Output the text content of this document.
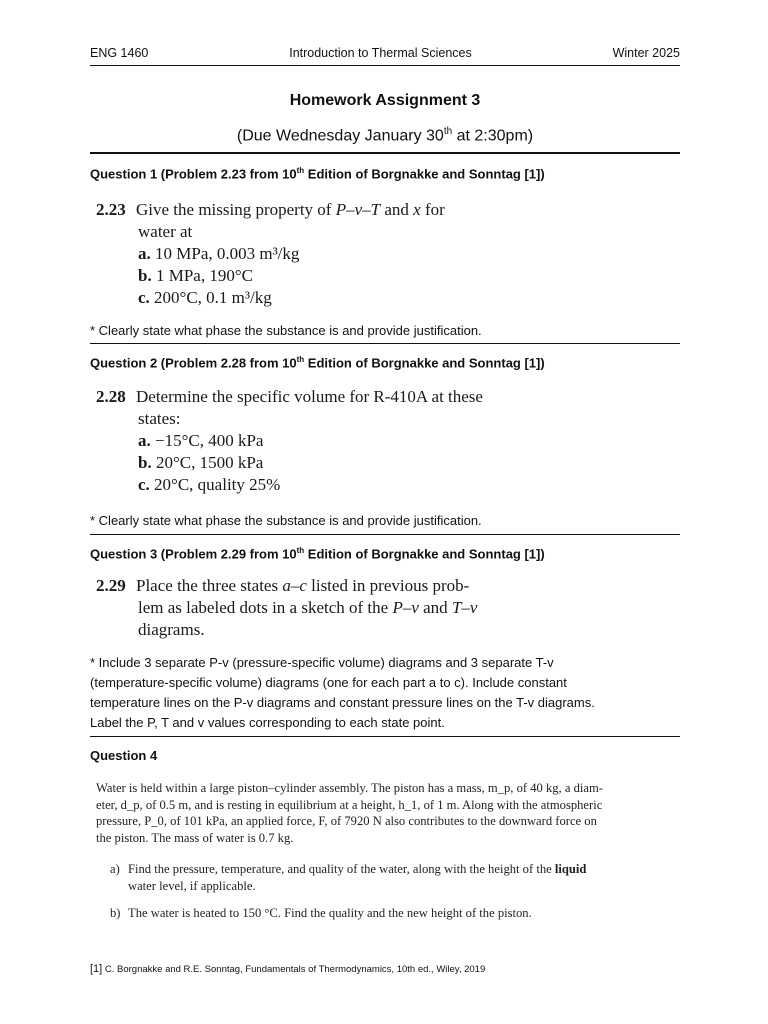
ENG 1460	Introduction to Thermal Sciences	Winter 2025
Homework Assignment 3
(Due Wednesday January 30th at 2:30pm)
Question 1 (Problem 2.23 from 10th Edition of Borgnakke and Sonntag [1])
2.23 Give the missing property of P–v–T and x for
water at
a. 10 MPa, 0.003 m³/kg
b. 1 MPa, 190°C
c. 200°C, 0.1 m³/kg
* Clearly state what phase the substance is and provide justification.
Question 2 (Problem 2.28 from 10th Edition of Borgnakke and Sonntag [1])
2.28 Determine the specific volume for R-410A at these
states:
a. −15°C, 400 kPa
b. 20°C, 1500 kPa
c. 20°C, quality 25%
* Clearly state what phase the substance is and provide justification.
Question 3 (Problem 2.29 from 10th Edition of Borgnakke and Sonntag [1])
2.29 Place the three states a–c listed in previous prob-
lem as labeled dots in a sketch of the P–v and T–v
diagrams.
* Include 3 separate P-v (pressure-specific volume) diagrams and 3 separate T-v
(temperature-specific volume) diagrams (one for each part a to c). Include constant
temperature lines on the P-v diagrams and constant pressure lines on the T-v diagrams.
Label the P, T and v values corresponding to each state point.
Question 4
Water is held within a large piston–cylinder assembly. The piston has a mass, m_p, of 40 kg, a diam-
eter, d_p, of 0.5 m, and is resting in equilibrium at a height, h_1, of 1 m. Along with the atmospheric
pressure, P_0, of 101 kPa, an applied force, F, of 7920 N also contributes to the downward force on
the piston. The mass of water is 0.7 kg.
a) Find the pressure, temperature, and quality of the water, along with the height of the liquid
water level, if applicable.
b) The water is heated to 150 °C. Find the quality and the new height of the piston.
[1] C. Borgnakke and R.E. Sonntag, Fundamentals of Thermodynamics, 10th ed., Wiley, 2019
